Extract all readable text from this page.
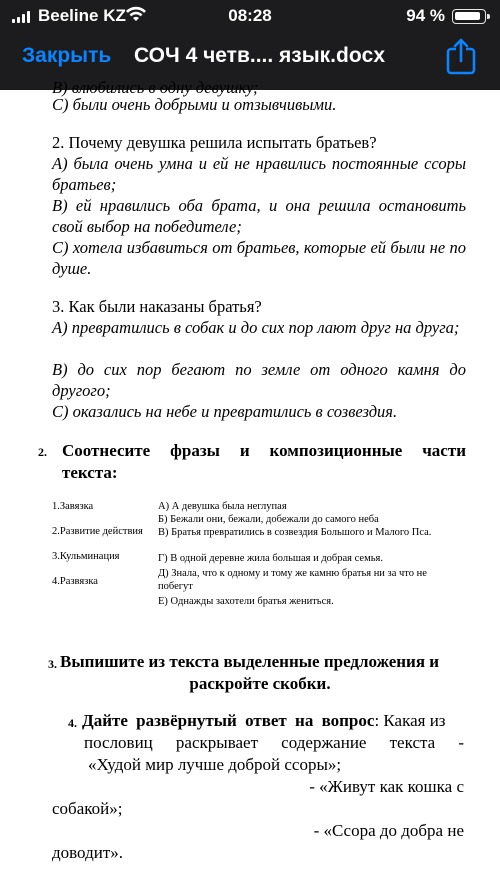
Beeline KZ	08:28	94 %
Закрыть СОЧ 4 четв.... язык.docx
В) влюбились в одну девушку;
С) были очень добрыми и отзывчивыми.
2. Почему девушка решила испытать братьев?
А) была очень умна и ей не нравились постоянные ссоры братьев;
В) ей нравились оба брата, и она решила остановить свой выбор на победителе;
С) хотела избавиться от братьев, которые ей были не по душе.
3. Как были наказаны братья?
А) превратились в собак и до сих пор лают друг на друга;
В) до сих пор бегают по земле от одного камня до другого;
С) оказались на небе и превратились в созвездия.
2. Соотнесите фразы и композиционные части
текста:
1.Завязка
2.Развитие действия
3.Кульминация
4.Развязка
А) А девушка была неглупая
Б) Бежали они, бежали, добежали до самого неба
В) Братья превратились в созвездия Большого и Малого Пса.
Г) В одной деревне жила большая и добрая семья.
Д) Знала, что к одному и тому же камню братья ни за что не побегут
Е) Однажды захотели братья жениться.
3. Выпишите из текста выделенные предложения и
раскройте скобки.
4. Дайте развёрнутый ответ на вопрос: Какая из
пословиц раскрывает содержание текста -
«Худой мир лучше доброй ссоры»;
- «Живут как кошка с
собакой»;
- «Ссора до добра не
доводит».
